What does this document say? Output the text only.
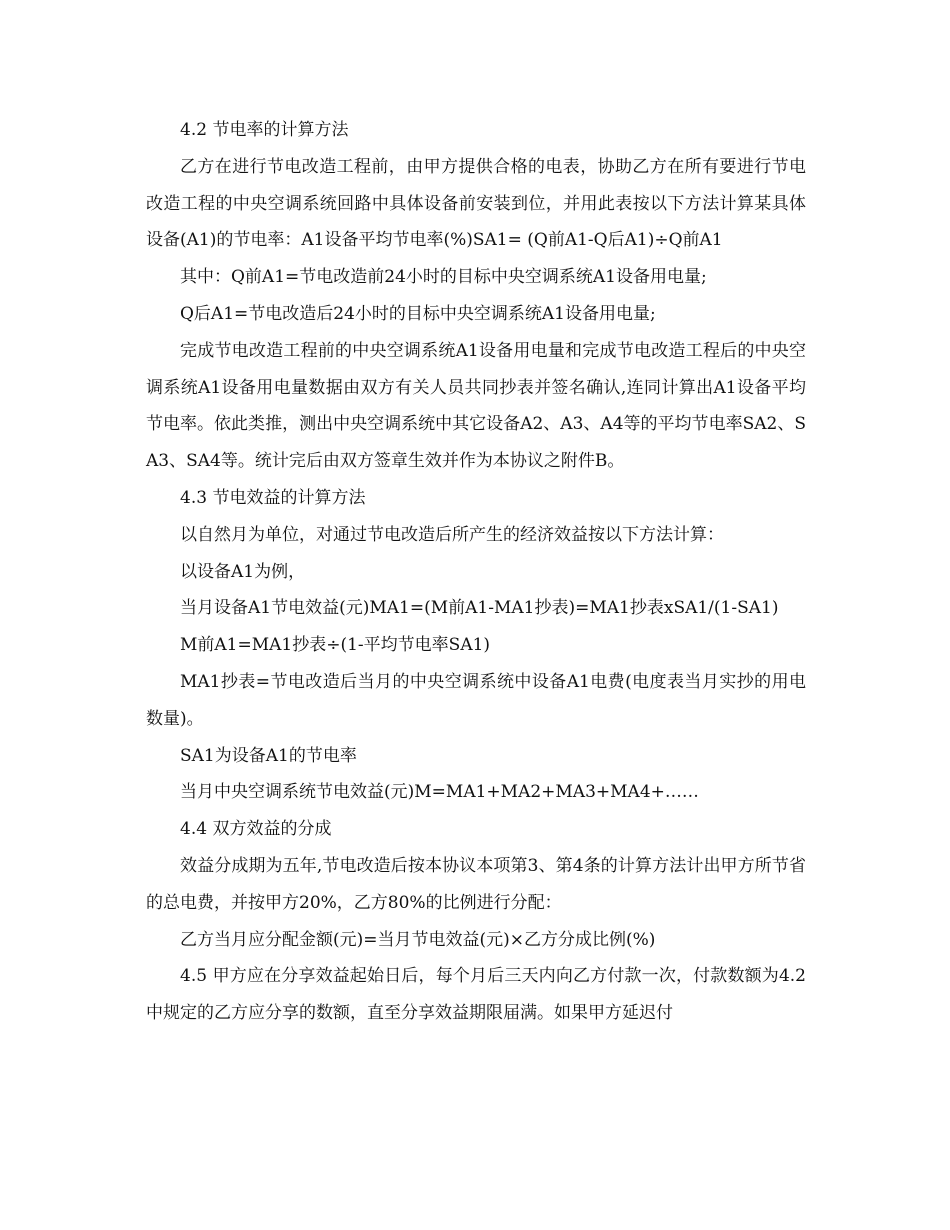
4.2 节电率的计算方法

乙方在进行节电改造工程前，由甲方提供合格的电表，协助乙方在所有要进行节电改造工程的中央空调系统回路中具体设备前安装到位，并用此表按以下方法计算某具体设备(A1)的节电率：A1设备平均节电率(%)SA1= (Q前A1-Q后A1)÷Q前A1

其中：Q前A1=节电改造前24小时的目标中央空调系统A1设备用电量;

Q后A1=节电改造后24小时的目标中央空调系统A1设备用电量;

完成节电改造工程前的中央空调系统A1设备用电量和完成节电改造工程后的中央空调系统A1设备用电量数据由双方有关人员共同抄表并签名确认,连同计算出A1设备平均节电率。依此类推，测出中央空调系统中其它设备A2、A3、A4等的平均节电率SA2、SA3、SA4等。统计完后由双方签章生效并作为本协议之附件B。

4.3 节电效益的计算方法

以自然月为单位，对通过节电改造后所产生的经济效益按以下方法计算：

以设备A1为例，

当月设备A1节电效益(元)MA1=(M前A1-MA1抄表)=MA1抄表xSA1/(1-SA1)

M前A1=MA1抄表÷(1-平均节电率SA1)

MA1抄表=节电改造后当月的中央空调系统中设备A1电费(电度表当月实抄的用电数量)。

SA1为设备A1的节电率

当月中央空调系统节电效益(元)M=MA1+MA2+MA3+MA4+……

4.4 双方效益的分成

效益分成期为五年,节电改造后按本协议本项第3、第4条的计算方法计出甲方所节省的总电费，并按甲方20%，乙方80%的比例进行分配：

乙方当月应分配金额(元)=当月节电效益(元)×乙方分成比例(%)

4.5 甲方应在分享效益起始日后，每个月后三天内向乙方付款一次，付款数额为4.2中规定的乙方应分享的数额，直至分享效益期限届满。如果甲方延迟付
